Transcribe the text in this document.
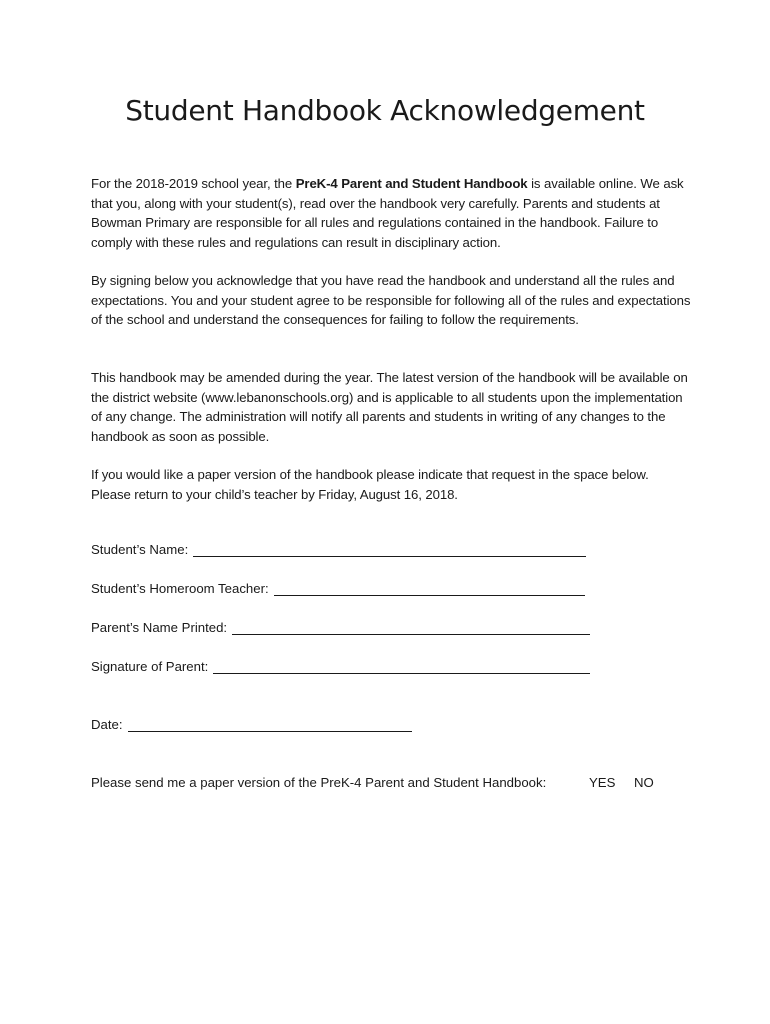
Student Handbook Acknowledgement

For the 2018-2019 school year, the PreK-4 Parent and Student Handbook is available online. We ask that you, along with your student(s), read over the handbook very carefully. Parents and students at Bowman Primary are responsible for all rules and regulations contained in the handbook. Failure to comply with these rules and regulations can result in disciplinary action.

By signing below you acknowledge that you have read the handbook and understand all the rules and expectations. You and your student agree to be responsible for following all of the rules and expectations of the school and understand the consequences for failing to follow the requirements.

This handbook may be amended during the year. The latest version of the handbook will be available on the district website (www.lebanonschools.org) and is applicable to all students upon the implementation of any change. The administration will notify all parents and students in writing of any changes to the handbook as soon as possible.

If you would like a paper version of the handbook please indicate that request in the space below. Please return to your child’s teacher by Friday, August 16, 2018.

Student’s Name:
Student’s Homeroom Teacher:
Parent’s Name Printed:
Signature of Parent:
Date:
Please send me a paper version of the PreK-4 Parent and Student Handbook:	YES NO
